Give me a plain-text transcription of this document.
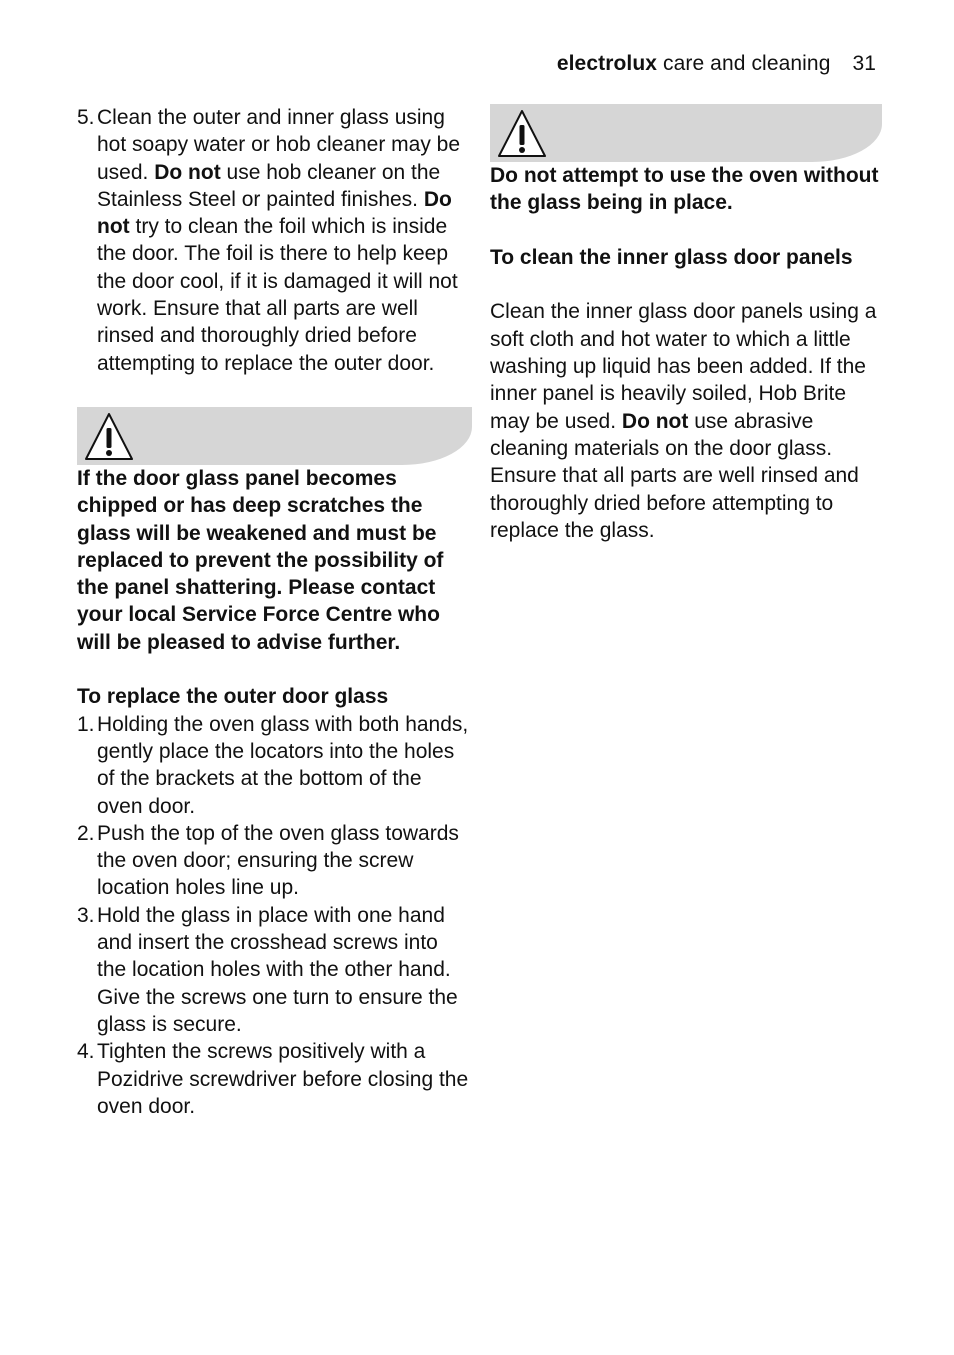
electrolux care and cleaning 31
5. Clean the outer and inner glass using hot soapy water or hob cleaner may be used. Do not use hob cleaner on the Stainless Steel or painted finishes. Do not try to clean the foil which is inside the door. The foil is there to help keep the door cool, if it is damaged it will not work. Ensure that all parts are well rinsed and thoroughly dried before attempting to replace the outer door.
If the door glass panel becomes chipped or has deep scratches the glass will be weakened and must be replaced to prevent the possibility of the panel shattering. Please contact your local Service Force Centre who will be pleased to advise further.
To replace the outer door glass
1. Holding the oven glass with both hands, gently place the locators into the holes of the brackets at the bottom of the oven door.
2. Push the top of the oven glass towards the oven door; ensuring the screw location holes line up.
3. Hold the glass in place with one hand and insert the crosshead screws into the location holes with the other hand. Give the screws one turn to ensure the glass is secure.
4. Tighten the screws positively with a Pozidrive screwdriver before closing the oven door.
Do not attempt to use the oven without the glass being in place.
To clean the inner glass door panels
Clean the inner glass door panels using a soft cloth and hot water to which a little washing up liquid has been added. If the inner panel is heavily soiled, Hob Brite may be used. Do not use abrasive cleaning materials on the door glass. Ensure that all parts are well rinsed and thoroughly dried before attempting to replace the glass.
